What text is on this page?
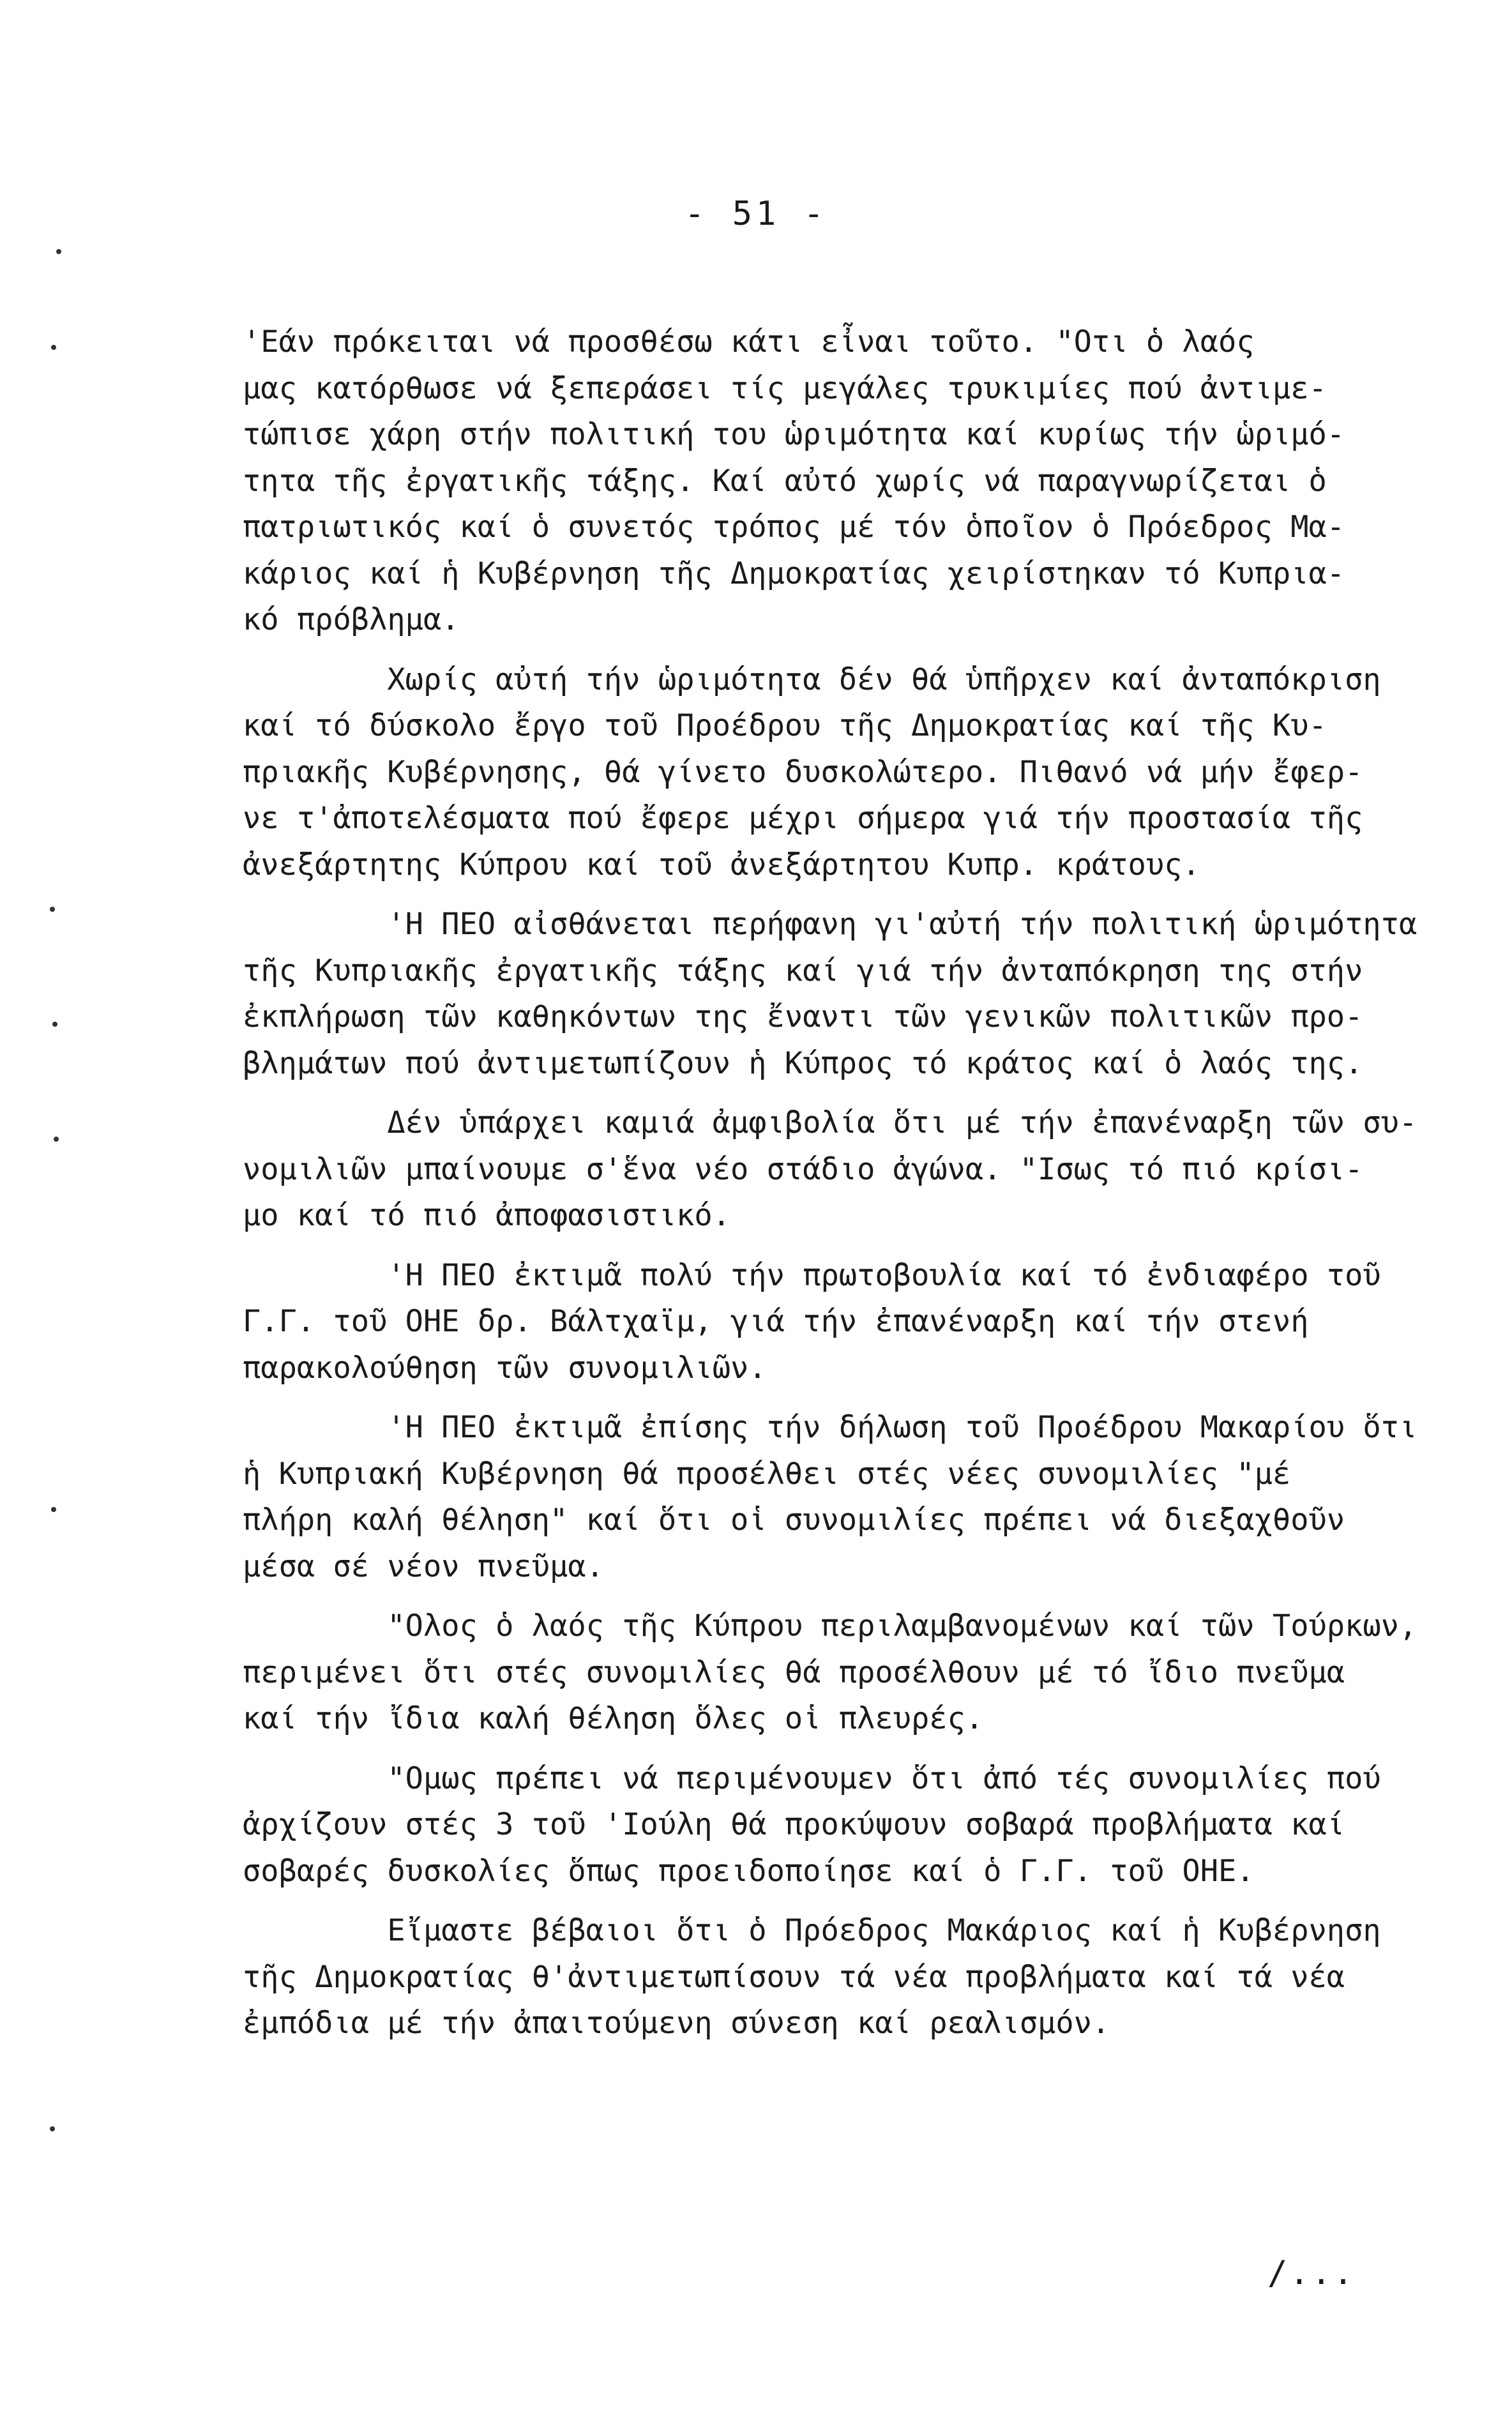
- 51 -
'Εάν πρόκειται νά προσθέσω κάτι εἶναι τοῦτο. "Οτι ὁ λαός
μας κατόρθωσε νά ξεπεράσει τίς μεγάλες τρυκιμίες πού ἀντιμε-
τώπισε χάρη στήν πολιτική του ὡριμότητα καί κυρίως τήν ὡριμό-
τητα τῆς ἐργατικῆς τάξης. Καί αὐτό χωρίς νά παραγνωρίζεται ὁ
πατριωτικός καί ὁ συνετός τρόπος μέ τόν ὁποῖον ὁ Πρόεδρος Μα-
κάριος καί ἡ Κυβέρνηση τῆς Δημοκρατίας χειρίστηκαν τό Κυπρια-
κό πρόβλημα.
Χωρίς αὐτή τήν ὡριμότητα δέν θά ὑπῆρχεν καί ἀνταπόκριση
καί τό δύσκολο ἔργο τοῦ Προέδρου τῆς Δημοκρατίας καί τῆς Κυ-
πριακῆς Κυβέρνησης, θά γίνετο δυσκολώτερο. Πιθανό νά μήν ἔφερ-
νε τ'ἀποτελέσματα πού ἔφερε μέχρι σήμερα γιά τήν προστασία τῆς
ἀνεξάρτητης Κύπρου καί τοῦ ἀνεξάρτητου Κυπρ. κράτους.
'Η ΠΕΟ αἰσθάνεται περήφανη γι'αὐτή τήν πολιτική ὡριμότητα
τῆς Κυπριακῆς ἐργατικῆς τάξης καί γιά τήν ἀνταπόκρηση της στήν
ἐκπλήρωση τῶν καθηκόντων της ἔναντι τῶν γενικῶν πολιτικῶν προ-
βλημάτων πού ἀντιμετωπίζουν ἡ Κύπρος τό κράτος καί ὁ λαός της.
Δέν ὑπάρχει καμιά ἀμφιβολία ὅτι μέ τήν ἐπανέναρξη τῶν συ-
νομιλιῶν μπαίνουμε σ'ἕνα νέο στάδιο ἀγώνα. "Ισως τό πιό κρίσι-
μο καί τό πιό ἀποφασιστικό.
'Η ΠΕΟ ἐκτιμᾶ πολύ τήν πρωτοβουλία καί τό ἐνδιαφέρο τοῦ
Γ.Γ. τοῦ ΟΗΕ δρ. Βάλτχαϊμ, γιά τήν ἐπανέναρξη καί τήν στενή
παρακολούθηση τῶν συνομιλιῶν.
'Η ΠΕΟ ἐκτιμᾶ ἐπίσης τήν δήλωση τοῦ Προέδρου Μακαρίου ὅτι
ἡ Κυπριακή Κυβέρνηση θά προσέλθει στές νέες συνομιλίες "μέ
πλήρη καλή θέληση" καί ὅτι οἱ συνομιλίες πρέπει νά διεξαχθοῦν
μέσα σέ νέον πνεῦμα.
"Ολος ὁ λαός τῆς Κύπρου περιλαμβανομένων καί τῶν Τούρκων,
περιμένει ὅτι στές συνομιλίες θά προσέλθουν μέ τό ἴδιο πνεῦμα
καί τήν ἴδια καλή θέληση ὅλες οἱ πλευρές.
"Ομως πρέπει νά περιμένουμεν ὅτι ἀπό τές συνομιλίες πού
ἀρχίζουν στές 3 τοῦ 'Ιούλη θά προκύψουν σοβαρά προβλήματα καί
σοβαρές δυσκολίες ὅπως προειδοποίησε καί ὁ Γ.Γ. τοῦ ΟΗΕ.
Εἴμαστε βέβαιοι ὅτι ὁ Πρόεδρος Μακάριος καί ἡ Κυβέρνηση
τῆς Δημοκρατίας θ'ἀντιμετωπίσουν τά νέα προβλήματα καί τά νέα
ἐμπόδια μέ τήν ἀπαιτούμενη σύνεση καί ρεαλισμόν.
/...
